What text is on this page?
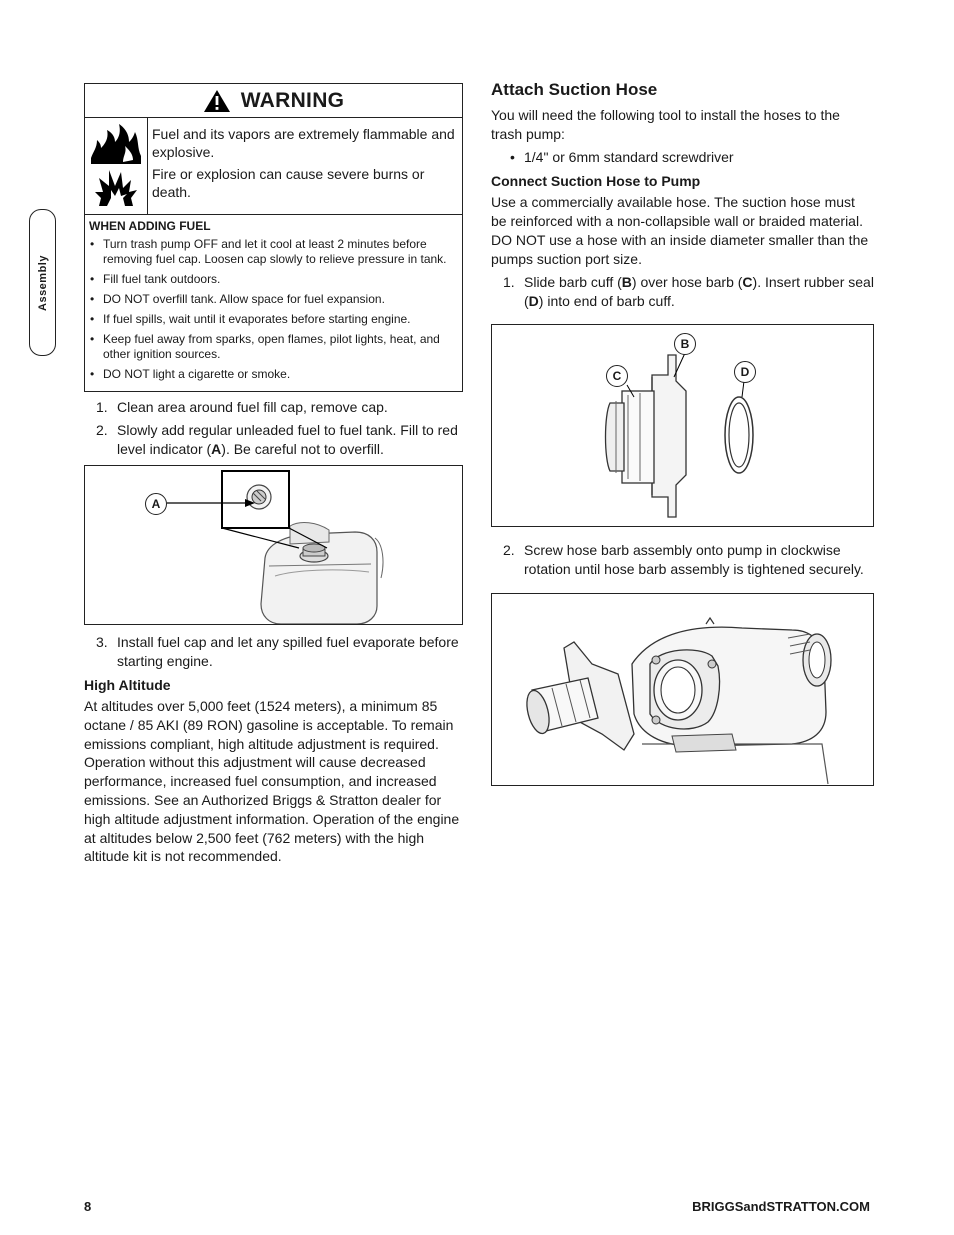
Assembly
WARNING

Fuel and its vapors are extremely flammable and explosive.

Fire or explosion can cause severe burns or death.

WHEN ADDING FUEL
• Turn trash pump OFF and let it cool at least 2 minutes before removing fuel cap. Loosen cap slowly to relieve pressure in tank.
• Fill fuel tank outdoors.
• DO NOT overfill tank. Allow space for fuel expansion.
• If fuel spills, wait until it evaporates before starting engine.
• Keep fuel away from sparks, open flames, pilot lights, heat, and other ignition sources.
• DO NOT light a cigarette or smoke.
1. Clean area around fuel fill cap, remove cap.
2. Slowly add regular unleaded fuel to fuel tank. Fill to red level indicator (A). Be careful not to overfill.
A
3. Install fuel cap and let any spilled fuel evaporate before starting engine.
High Altitude

At altitudes over 5,000 feet (1524 meters), a minimum 85 octane / 85 AKI (89 RON) gasoline is acceptable. To remain emissions compliant, high altitude adjustment is required. Operation without this adjustment will cause decreased performance, increased fuel consumption, and increased emissions. See an Authorized Briggs & Stratton dealer for high altitude adjustment information. Operation of the engine at altitudes below 2,500 feet (762 meters) with the high altitude kit is not recommended.

Attach Suction Hose

You will need the following tool to install the hoses to the trash pump:

• 1/4" or 6mm standard screwdriver
Connect Suction Hose to Pump

Use a commercially available hose. The suction hose must be reinforced with a non-collapsible wall or braided material. DO NOT use a hose with an inside diameter smaller than the pumps suction port size.

1. Slide barb cuff (B) over hose barb (C). Insert rubber seal (D) into end of barb cuff.
B
C	D
2. Screw hose barb assembly onto pump in clockwise rotation until hose barb assembly is tightened securely.
8	BRIGGSandSTRATTON.COM
